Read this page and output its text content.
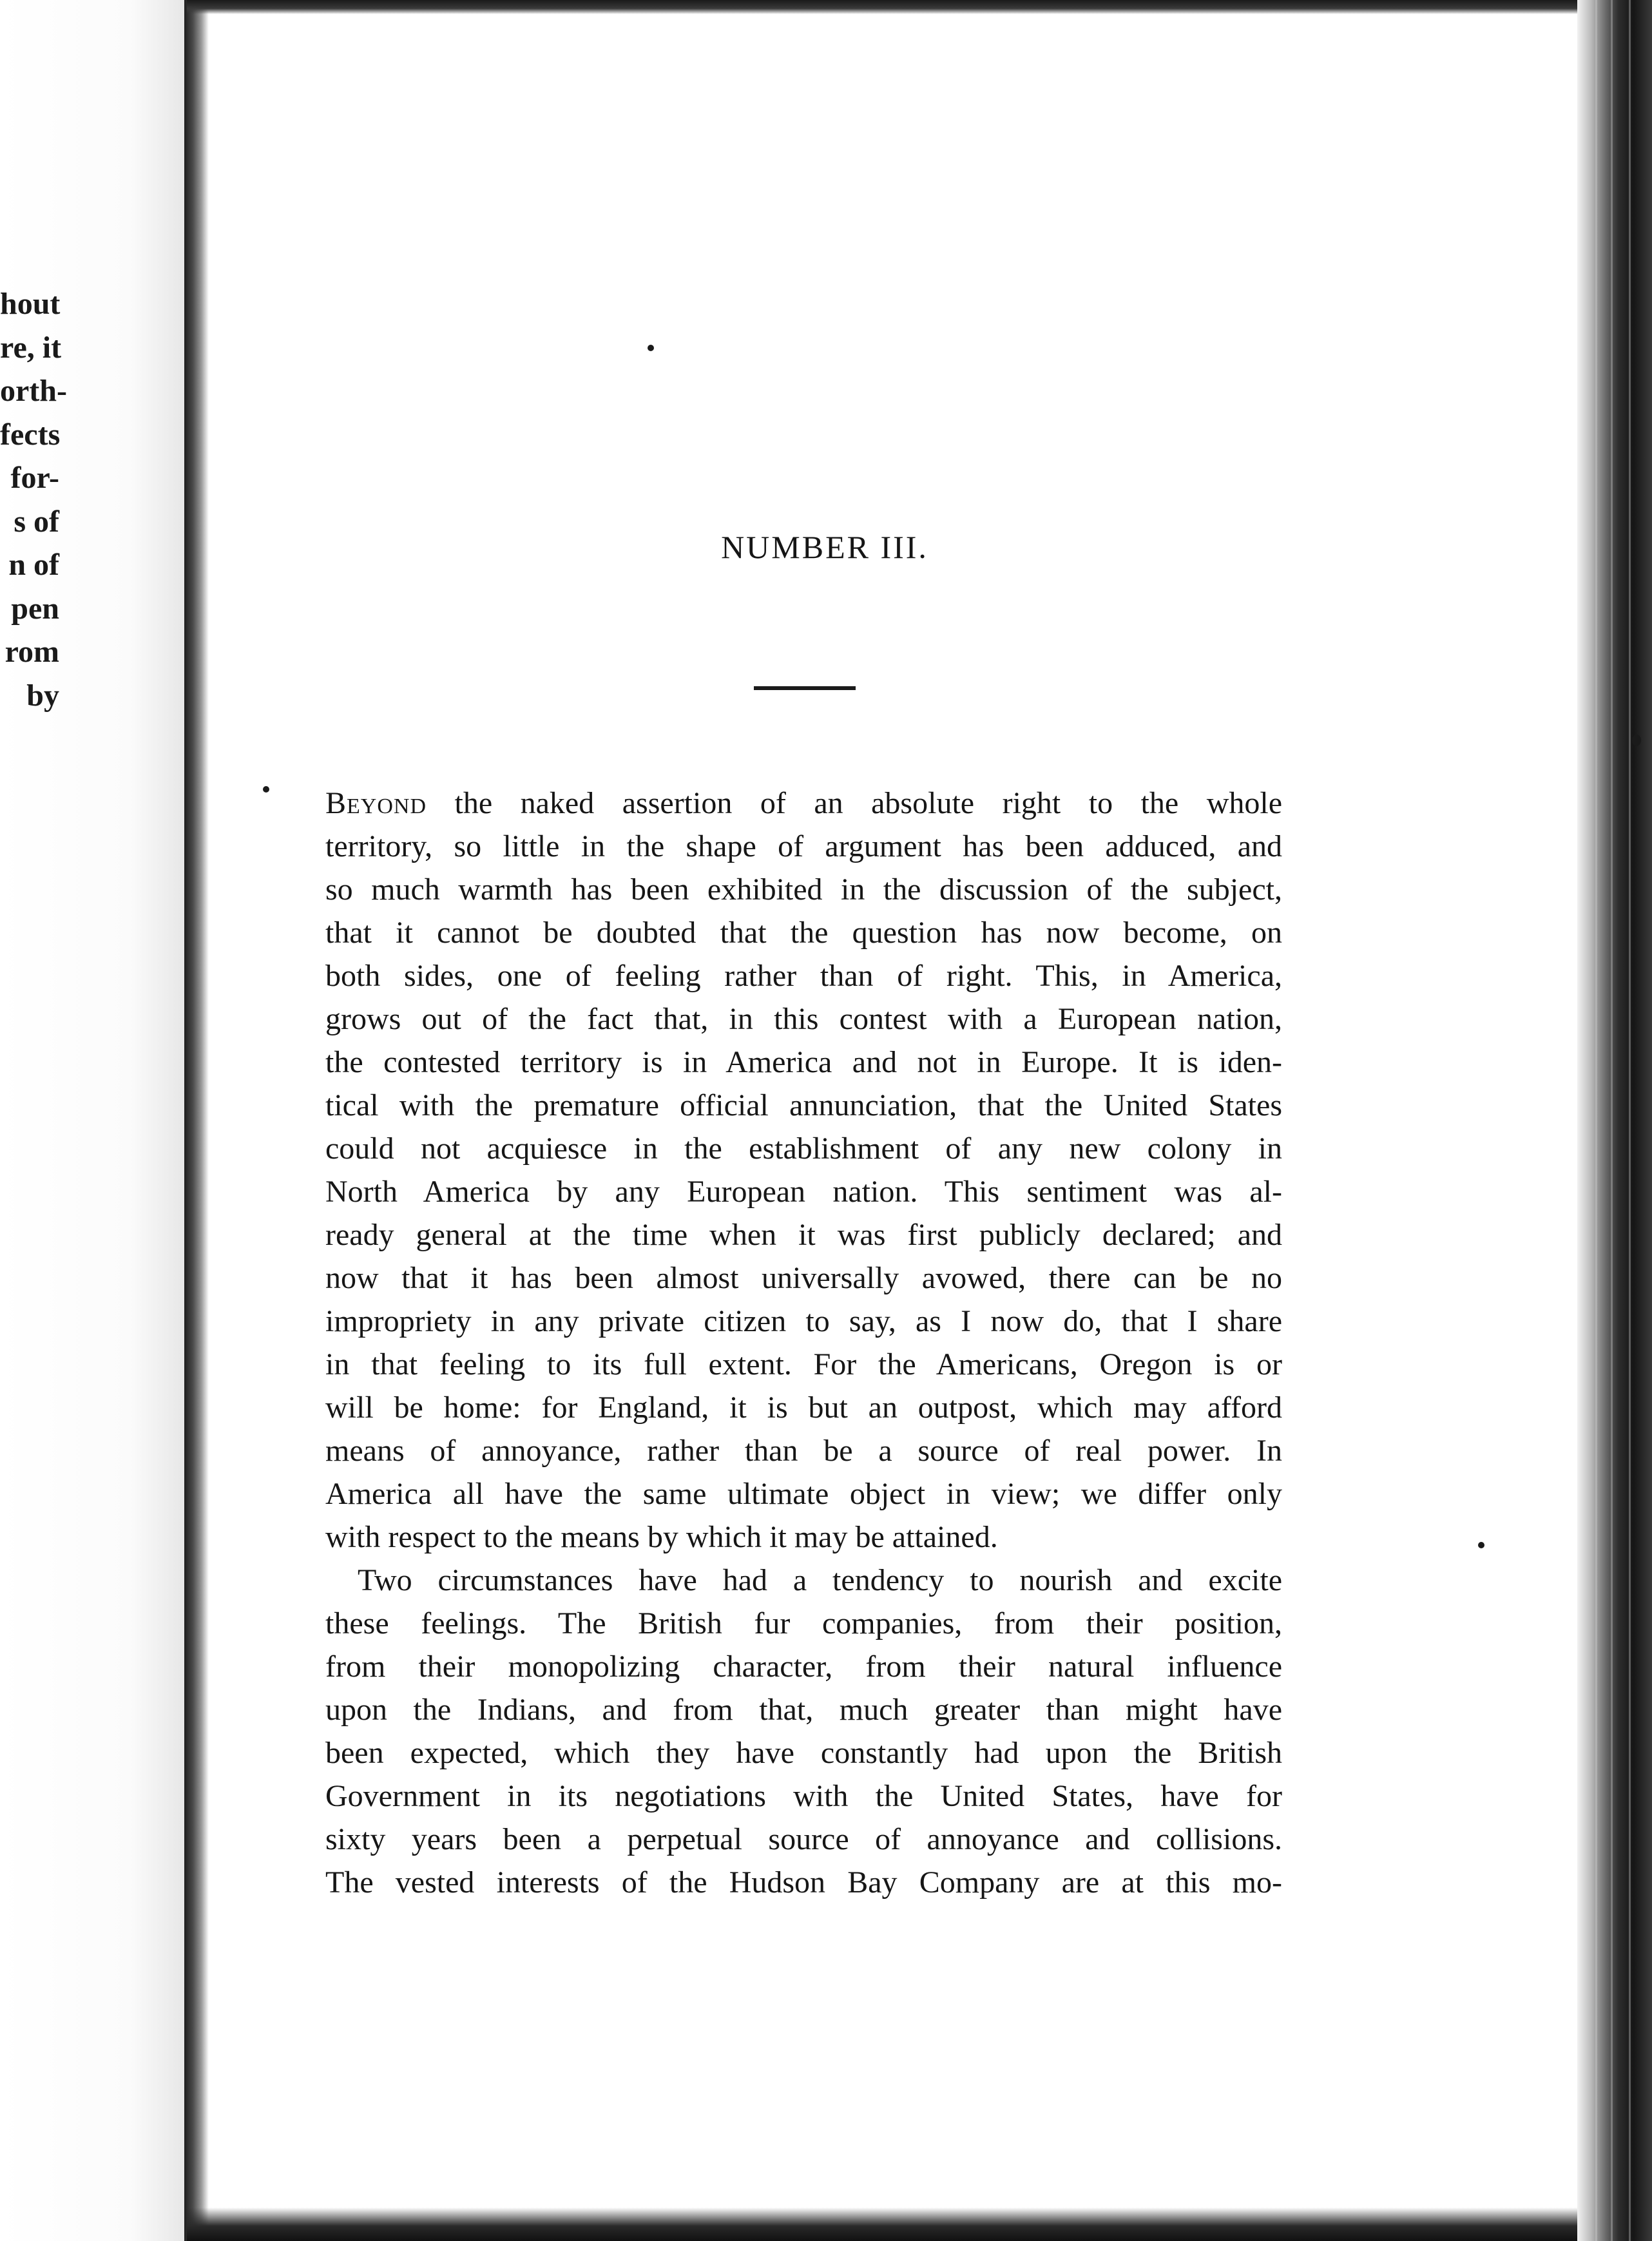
hout
re, it
orth-
fects
for-
s of
n of
pen
rom
by
NUMBER III.
Beyond the naked assertion of an absolute right to the whole
territory, so little in the shape of argument has been adduced, and
so much warmth has been exhibited in the discussion of the subject,
that it cannot be doubted that the question has now become, on
both sides, one of feeling rather than of right. This, in America,
grows out of the fact that, in this contest with a European nation,
the contested territory is in America and not in Europe. It is iden-
tical with the premature official annunciation, that the United States
could not acquiesce in the establishment of any new colony in
North America by any European nation. This sentiment was al-
ready general at the time when it was first publicly declared; and
now that it has been almost universally avowed, there can be no
impropriety in any private citizen to say, as I now do, that I share
in that feeling to its full extent. For the Americans, Oregon is or
will be home: for England, it is but an outpost, which may afford
means of annoyance, rather than be a source of real power. In
America all have the same ultimate object in view; we differ only
with respect to the means by which it may be attained.
Two circumstances have had a tendency to nourish and excite
these feelings. The British fur companies, from their position,
from their monopolizing character, from their natural influence
upon the Indians, and from that, much greater than might have
been expected, which they have constantly had upon the British
Government in its negotiations with the United States, have for
sixty years been a perpetual source of annoyance and collisions.
The vested interests of the Hudson Bay Company are at this mo-
